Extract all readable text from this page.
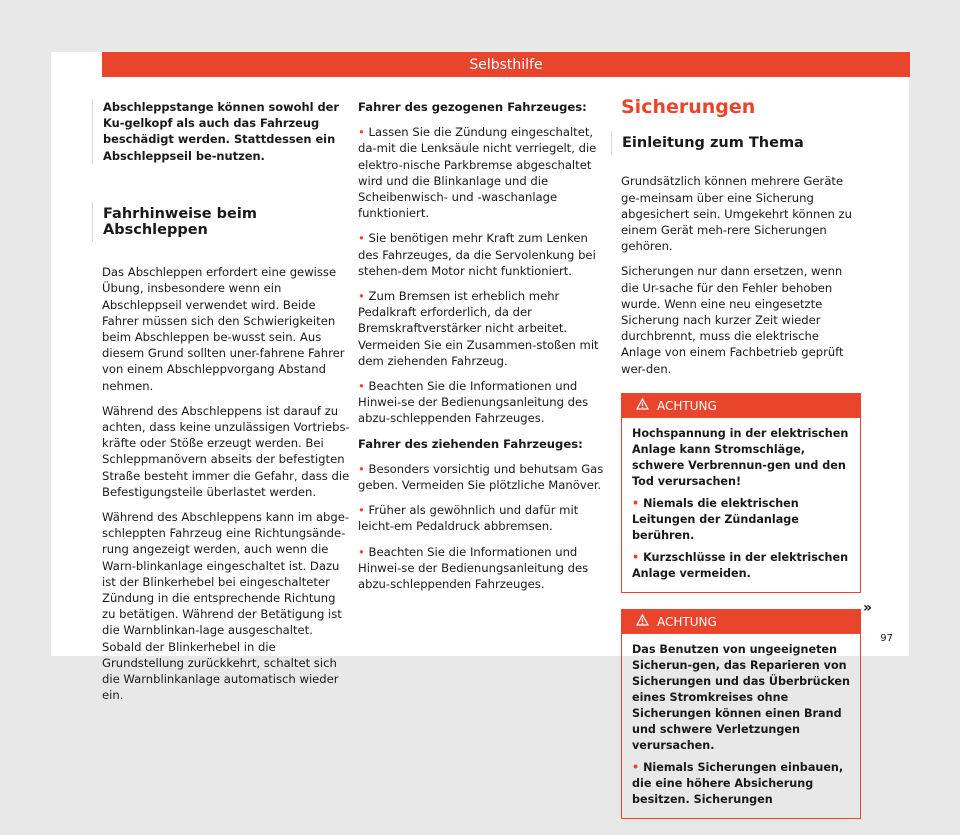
Selbsthilfe
Abschleppstange können sowohl der Ku-gelkopf als auch das Fahrzeug beschädigt werden. Stattdessen ein Abschleppseil be-nutzen.
Fahrhinweise beim Abschleppen

Das Abschleppen erfordert eine gewisse Übung, insbesondere wenn ein Abschleppseil verwendet wird. Beide Fahrer müssen sich den Schwierigkeiten beim Abschleppen be-wusst sein. Aus diesem Grund sollten uner-fahrene Fahrer von einem Abschleppvorgang Abstand nehmen.

Während des Abschleppens ist darauf zu achten, dass keine unzulässigen Vortriebs-kräfte oder Stöße erzeugt werden. Bei Schleppmanövern abseits der befestigten Straße besteht immer die Gefahr, dass die Befestigungsteile überlastet werden.

Während des Abschleppens kann im abge-schleppten Fahrzeug eine Richtungsände-rung angezeigt werden, auch wenn die Warn-blinkanlage eingeschaltet ist. Dazu ist der Blinkerhebel bei eingeschalteter Zündung in die entsprechende Richtung zu betätigen. Während der Betätigung ist die Warnblinkan-lage ausgeschaltet. Sobald der Blinkerhebel in die Grundstellung zurückkehrt, schaltet sich die Warnblinkanlage automatisch wieder ein.

Fahrer des gezogenen Fahrzeuges:

• Lassen Sie die Zündung eingeschaltet, da-mit die Lenksäule nicht verriegelt, die elektro-nische Parkbremse abgeschaltet wird und die Blinkanlage und die Scheibenwisch- und -waschanlage funktioniert.

• Sie benötigen mehr Kraft zum Lenken des Fahrzeuges, da die Servolenkung bei stehen-dem Motor nicht funktioniert.

• Zum Bremsen ist erheblich mehr Pedalkraft erforderlich, da der Bremskraftverstärker nicht arbeitet. Vermeiden Sie ein Zusammen-stoßen mit dem ziehenden Fahrzeug.

• Beachten Sie die Informationen und Hinwei-se der Bedienungsanleitung des abzu-schleppenden Fahrzeuges.

Fahrer des ziehenden Fahrzeuges:

• Besonders vorsichtig und behutsam Gas geben. Vermeiden Sie plötzliche Manöver.

• Früher als gewöhnlich und dafür mit leicht-em Pedaldruck abbremsen.

• Beachten Sie die Informationen und Hinwei-se der Bedienungsanleitung des abzu-schleppenden Fahrzeuges.

Sicherungen
Einleitung zum Thema

Grundsätzlich können mehrere Geräte ge-meinsam über eine Sicherung abgesichert sein. Umgekehrt können zu einem Gerät meh-rere Sicherungen gehören.

Sicherungen nur dann ersetzen, wenn die Ur-sache für den Fehler behoben wurde. Wenn eine neu eingesetzte Sicherung nach kurzer Zeit wieder durchbrennt, muss die elektrische Anlage von einem Fachbetrieb geprüft wer-den.

ACHTUNG

Hochspannung in der elektrischen Anlage kann Stromschläge, schwere Verbrennun-gen und den Tod verursachen!

• Niemals die elektrischen Leitungen der Zündanlage berühren.

• Kurzschlüsse in der elektrischen Anlage vermeiden.

ACHTUNG

Das Benutzen von ungeeigneten Sicherun-gen, das Reparieren von Sicherungen und das Überbrücken eines Stromkreises ohne Sicherungen können einen Brand und schwere Verletzungen verursachen.

• Niemals Sicherungen einbauen, die eine höhere Absicherung besitzen. Sicherungen

»
97
